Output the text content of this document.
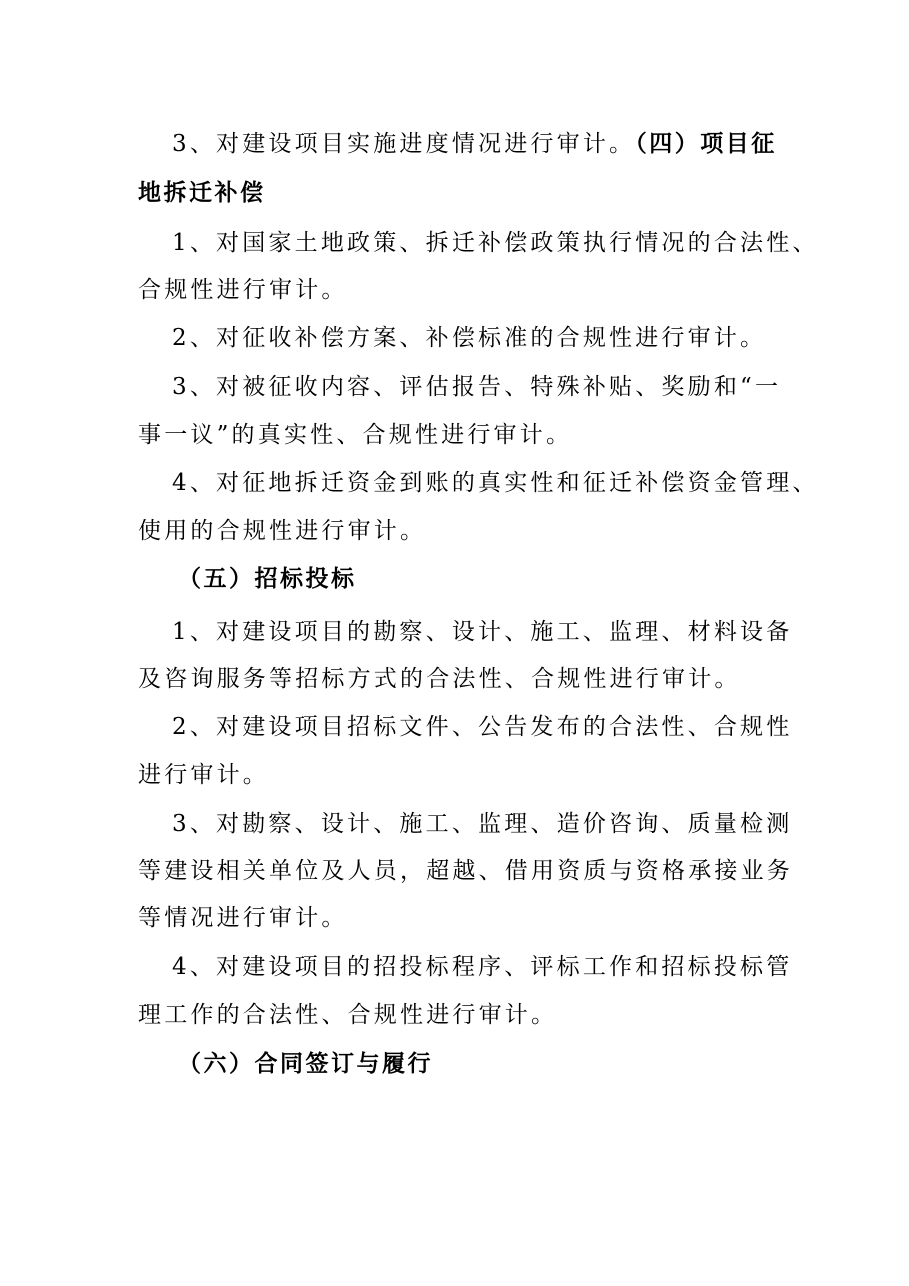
3、对建设项目实施进度情况进行审计。（四）项目征
地拆迁补偿
1、对国家土地政策、拆迁补偿政策执行情况的合法性、
合规性进行审计。
2、对征收补偿方案、补偿标准的合规性进行审计。
3、对被征收内容、评估报告、特殊补贴、奖励和“一
事一议”的真实性、合规性进行审计。
4、对征地拆迁资金到账的真实性和征迁补偿资金管理、
使用的合规性进行审计。
（五）招标投标
1、对建设项目的勘察、设计、施工、监理、材料设备
及咨询服务等招标方式的合法性、合规性进行审计。
2、对建设项目招标文件、公告发布的合法性、合规性
进行审计。
3、对勘察、设计、施工、监理、造价咨询、质量检测
等建设相关单位及人员，超越、借用资质与资格承接业务
等情况进行审计。
4、对建设项目的招投标程序、评标工作和招标投标管
理工作的合法性、合规性进行审计。
（六）合同签订与履行
